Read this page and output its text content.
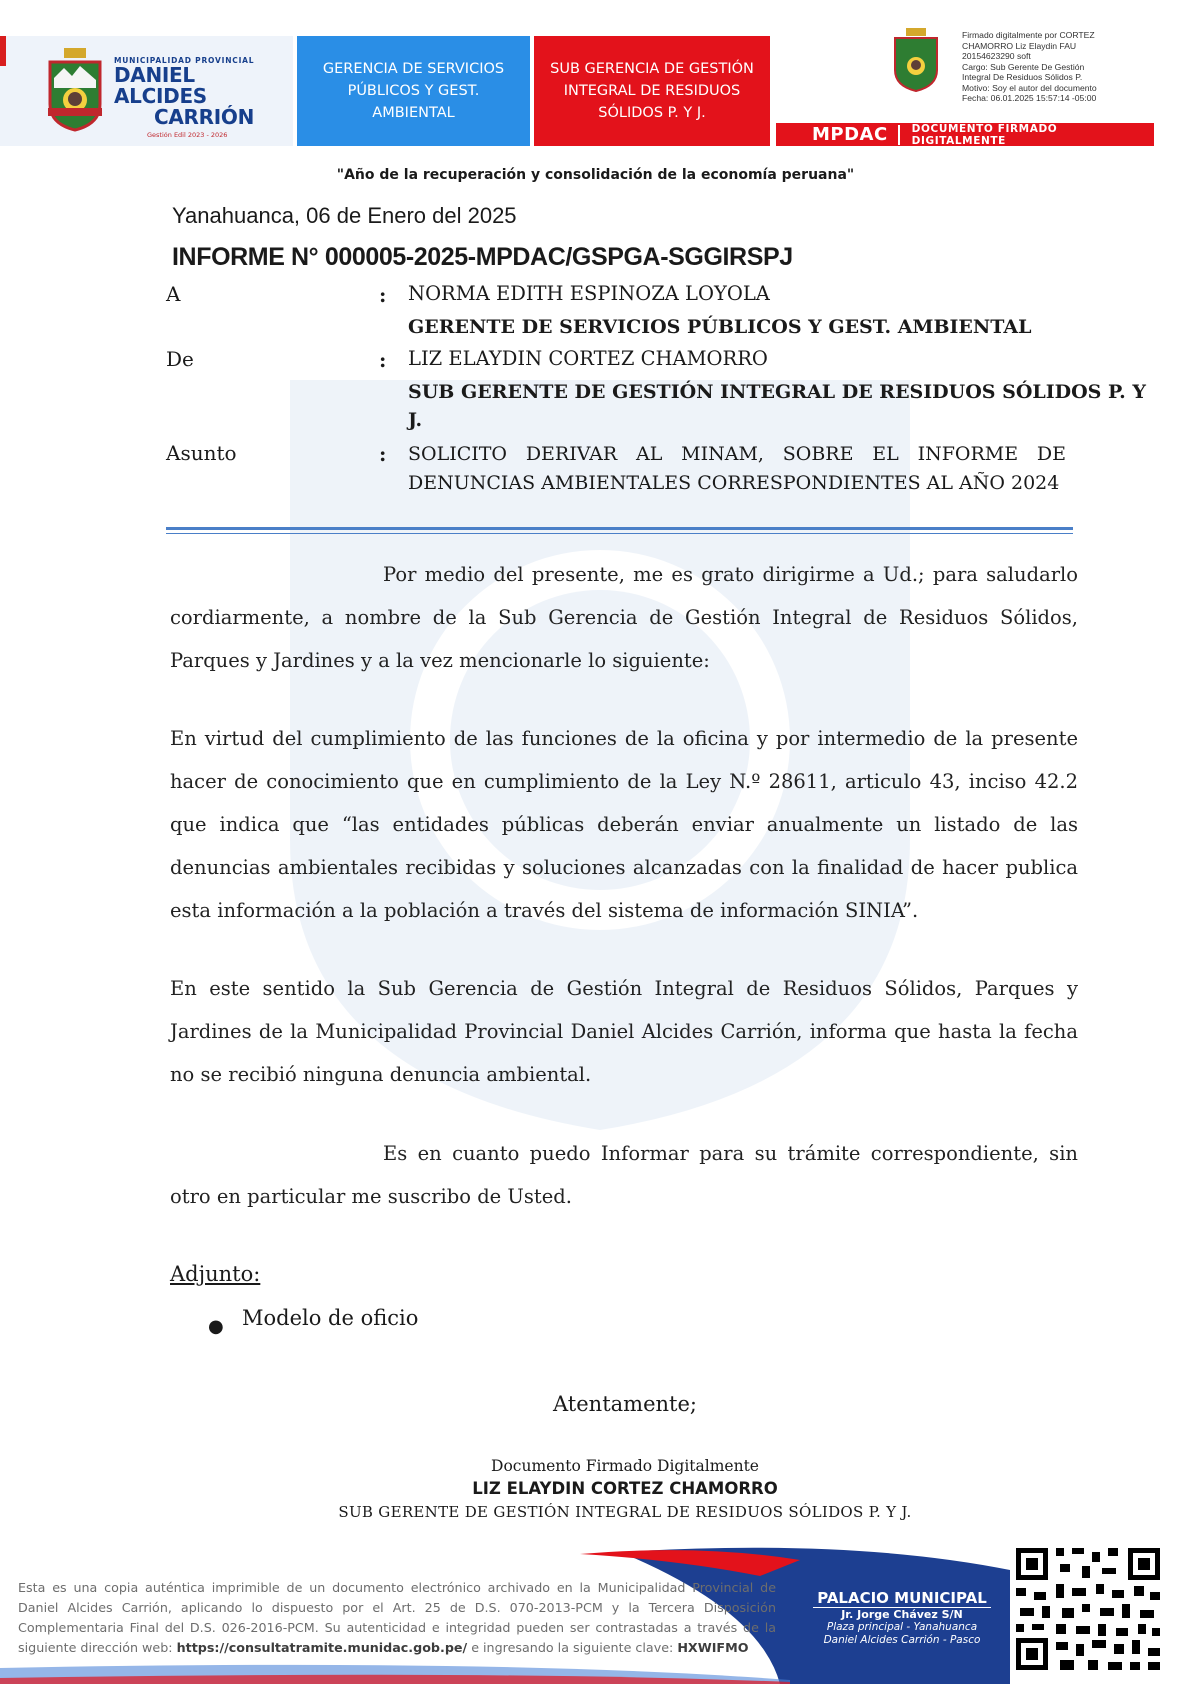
MUNICIPALIDAD PROVINCIAL
DANIEL ALCIDES
CARRIÓN
Gestión Edil 2023 - 2026
GERENCIA DE SERVICIOS
PÚBLICOS Y GEST.
AMBIENTAL
SUB GERENCIA DE GESTIÓN
INTEGRAL DE RESIDUOS
SÓLIDOS P. Y J.
Firmado digitalmente por CORTEZ
CHAMORRO Liz Elaydin FAU
20154623290 soft
Cargo: Sub Gerente De Gestión
Integral De Residuos Sólidos P.
Motivo: Soy el autor del documento
Fecha: 06.01.2025 15:57:14 -05:00
MPDAC	DOCUMENTO FIRMADO DIGITALMENTE
"Año de la recuperación y consolidación de la economía peruana"
Yanahuanca, 06 de Enero del 2025
INFORME N° 000005-2025-MPDAC/GSPGA-SGGIRSPJ
A	: NORMA EDITH ESPINOZA LOYOLA
GERENTE DE SERVICIOS PÚBLICOS Y GEST. AMBIENTAL
De	: LIZ ELAYDIN CORTEZ CHAMORRO
SUB GERENTE DE GESTIÓN INTEGRAL DE RESIDUOS SÓLIDOS P. Y
J.
Asunto	: SOLICITO DERIVAR AL MINAM, SOBRE EL INFORME DE DENUNCIAS AMBIENTALES CORRESPONDIENTES AL AÑO 2024
Por medio del presente, me es grato dirigirme a Ud.; para saludarlo cordiarmente, a nombre de la Sub Gerencia de Gestión Integral de Residuos Sólidos, Parques y Jardines y a la vez mencionarle lo siguiente:
En virtud del cumplimiento de las funciones de la oficina y por intermedio de la presente hacer de conocimiento que en cumplimiento de la Ley N.º 28611, articulo 43, inciso 42.2 que indica que “las entidades públicas deberán enviar anualmente un listado de las denuncias ambientales recibidas y soluciones alcanzadas con la finalidad de hacer publica esta información a la población a través del sistema de información SINIA”.
En este sentido la Sub Gerencia de Gestión Integral de Residuos Sólidos, Parques y Jardines de la Municipalidad Provincial Daniel Alcides Carrión, informa que hasta la fecha no se recibió ninguna denuncia ambiental.
Es en cuanto puedo Informar para su trámite correspondiente, sin otro en particular me suscribo de Usted.
Adjunto:
● Modelo de oficio
Atentamente;
Documento Firmado Digitalmente
LIZ ELAYDIN CORTEZ CHAMORRO
SUB GERENTE DE GESTIÓN INTEGRAL DE RESIDUOS SÓLIDOS P. Y J.
Esta es una copia auténtica imprimible de un documento electrónico archivado en la Municipalidad Provincial de Daniel Alcides Carrión, aplicando lo dispuesto por el Art. 25 de D.S. 070-2013-PCM y la Tercera Disposición Complementaria Final del D.S. 026-2016-PCM. Su autenticidad e integridad pueden ser contrastadas a través de la siguiente dirección web: https://consultatramite.munidac.gob.pe/ e ingresando la siguiente clave: HXWIFMO
PALACIO MUNICIPAL
Jr. Jorge Chávez S/N
Plaza principal - Yanahuanca
Daniel Alcides Carrión - Pasco
